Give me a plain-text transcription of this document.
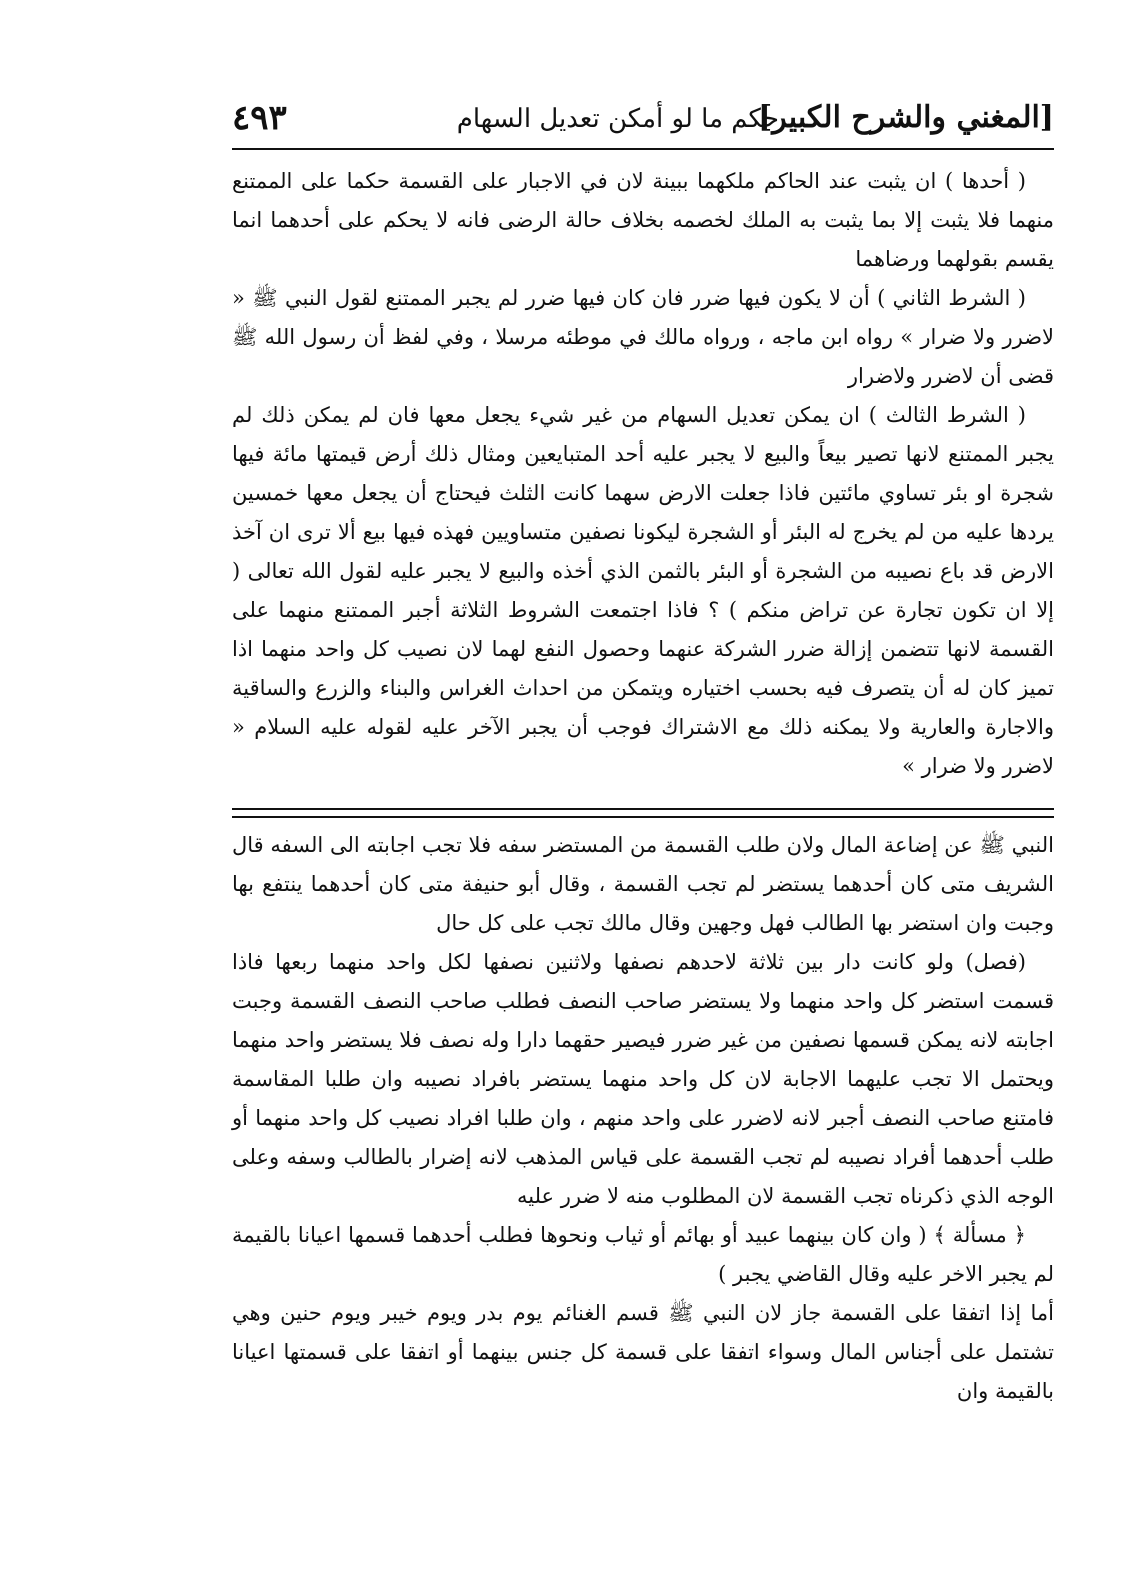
[المغني والشرح الكبير]
حكم ما لو أمكن تعديل السهام
٤٩٣

( أحدها ) ان يثبت عند الحاكم ملكهما ببينة لان في الاجبار على القسمة حكما على الممتنع منهما فلا يثبت إلا بما يثبت به الملك لخصمه بخلاف حالة الرضى فانه لا يحكم على أحدهما انما يقسم بقولهما ورضاهما

( الشرط الثاني ) أن لا يكون فيها ضرر فان كان فيها ضرر لم يجبر الممتنع لقول النبي ﷺ « لاضرر ولا ضرار » رواه ابن ماجه ، ورواه مالك في موطئه مرسلا ، وفي لفظ أن رسول الله ﷺ قضى أن لاضرر ولاضرار

( الشرط الثالث ) ان يمكن تعديل السهام من غير شيء يجعل معها فان لم يمكن ذلك لم يجبر الممتنع لانها تصير بيعاً والبيع لا يجبر عليه أحد المتبايعين ومثال ذلك أرض قيمتها مائة فيها شجرة او بئر تساوي مائتين فاذا جعلت الارض سهما كانت الثلث فيحتاج أن يجعل معها خمسين يردها عليه من لم يخرج له البئر أو الشجرة ليكونا نصفين متساويين فهذه فيها بيع ألا ترى ان آخذ الارض قد باع نصيبه من الشجرة أو البئر بالثمن الذي أخذه والبيع لا يجبر عليه لقول الله تعالى ( إلا ان تكون تجارة عن تراض منكم ) ؟ فاذا اجتمعت الشروط الثلاثة أجبر الممتنع منهما على القسمة لانها تتضمن إزالة ضرر الشركة عنهما وحصول النفع لهما لان نصيب كل واحد منهما اذا تميز كان له أن يتصرف فيه بحسب اختياره ويتمكن من احداث الغراس والبناء والزرع والساقية والاجارة والعارية ولا يمكنه ذلك مع الاشتراك فوجب أن يجبر الآخر عليه لقوله عليه السلام « لاضرر ولا ضرار »

النبي ﷺ عن إضاعة المال ولان طلب القسمة من المستضر سفه فلا تجب اجابته الى السفه قال الشريف متى كان أحدهما يستضر لم تجب القسمة ، وقال أبو حنيفة متى كان أحدهما ينتفع بها وجبت وان استضر بها الطالب فهل وجهين وقال مالك تجب على كل حال

(فصل) ولو كانت دار بين ثلاثة لاحدهم نصفها ولاثنين نصفها لكل واحد منهما ربعها فاذا قسمت استضر كل واحد منهما ولا يستضر صاحب النصف فطلب صاحب النصف القسمة وجبت اجابته لانه يمكن قسمها نصفين من غير ضرر فيصير حقهما دارا وله نصف فلا يستضر واحد منهما ويحتمل الا تجب عليهما الاجابة لان كل واحد منهما يستضر بافراد نصيبه وان طلبا المقاسمة فامتنع صاحب النصف أجبر لانه لاضرر على واحد منهم ، وان طلبا افراد نصيب كل واحد منهما أو طلب أحدهما أفراد نصيبه لم تجب القسمة على قياس المذهب لانه إضرار بالطالب وسفه وعلى الوجه الذي ذكرناه تجب القسمة لان المطلوب منه لا ضرر عليه

﴿ مسألة ﴾ ( وان كان بينهما عبيد أو بهائم أو ثياب ونحوها فطلب أحدهما قسمها اعيانا بالقيمة لم يجبر الاخر عليه وقال القاضي يجبر )

أما إذا اتفقا على القسمة جاز لان النبي ﷺ قسم الغنائم يوم بدر ويوم خيبر ويوم حنين وهي تشتمل على أجناس المال وسواء اتفقا على قسمة كل جنس بينهما أو اتفقا على قسمتها اعيانا بالقيمة وان
